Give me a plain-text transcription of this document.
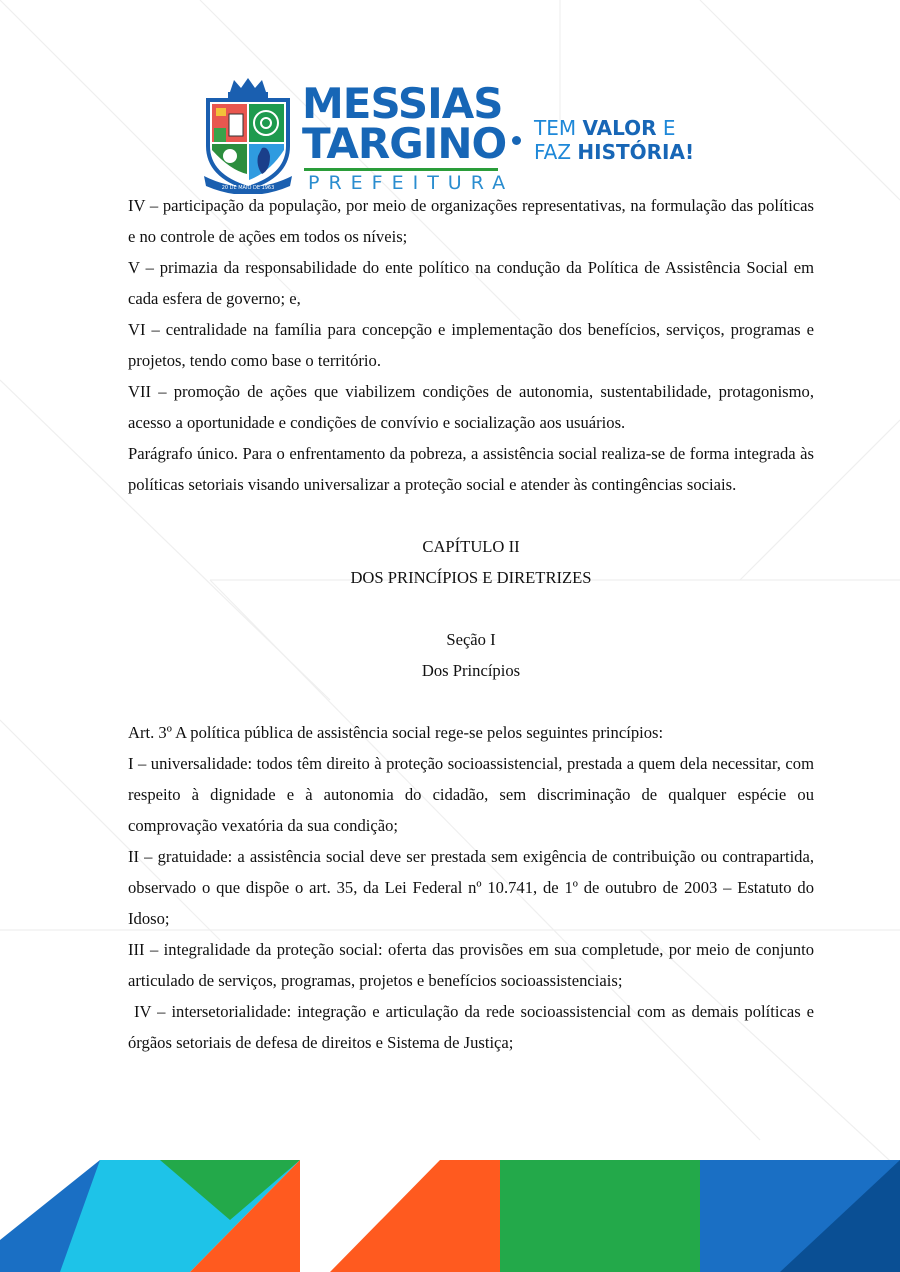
20 DE MAIO DE 1963
MESSIAS
TARGINO
PREFEITURA
TEM VALOR E
FAZ HISTÓRIA!

IV – participação da população, por meio de organizações representativas, na formulação das políticas e no controle de ações em todos os níveis;

V – primazia da responsabilidade do ente político na condução da Política de Assistência Social em cada esfera de governo; e,

VI – centralidade na família para concepção e implementação dos benefícios, serviços, programas e projetos, tendo como base o território.

VII – promoção de ações que viabilizem condições de autonomia, sustentabilidade, protagonismo, acesso a oportunidade e condições de convívio e socialização aos usuários.

Parágrafo único. Para o enfrentamento da pobreza, a assistência social realiza-se de forma integrada às políticas setoriais visando universalizar a proteção social e atender às contingências sociais.

CAPÍTULO II

DOS PRINCÍPIOS E DIRETRIZES

Seção I

Dos Princípios

Art. 3º A política pública de assistência social rege-se pelos seguintes princípios:

I – universalidade: todos têm direito à proteção socioassistencial, prestada a quem dela necessitar, com respeito à dignidade e à autonomia do cidadão, sem discriminação de qualquer espécie ou comprovação vexatória da sua condição;

II – gratuidade: a assistência social deve ser prestada sem exigência de contribuição ou contrapartida, observado o que dispõe o art. 35, da Lei Federal nº 10.741, de 1º de outubro de 2003 – Estatuto do Idoso;

III – integralidade da proteção social: oferta das provisões em sua completude, por meio de conjunto articulado de serviços, programas, projetos e benefícios socioassistenciais;

IV – intersetorialidade: integração e articulação da rede socioassistencial com as demais políticas e órgãos setoriais de defesa de direitos e Sistema de Justiça;
